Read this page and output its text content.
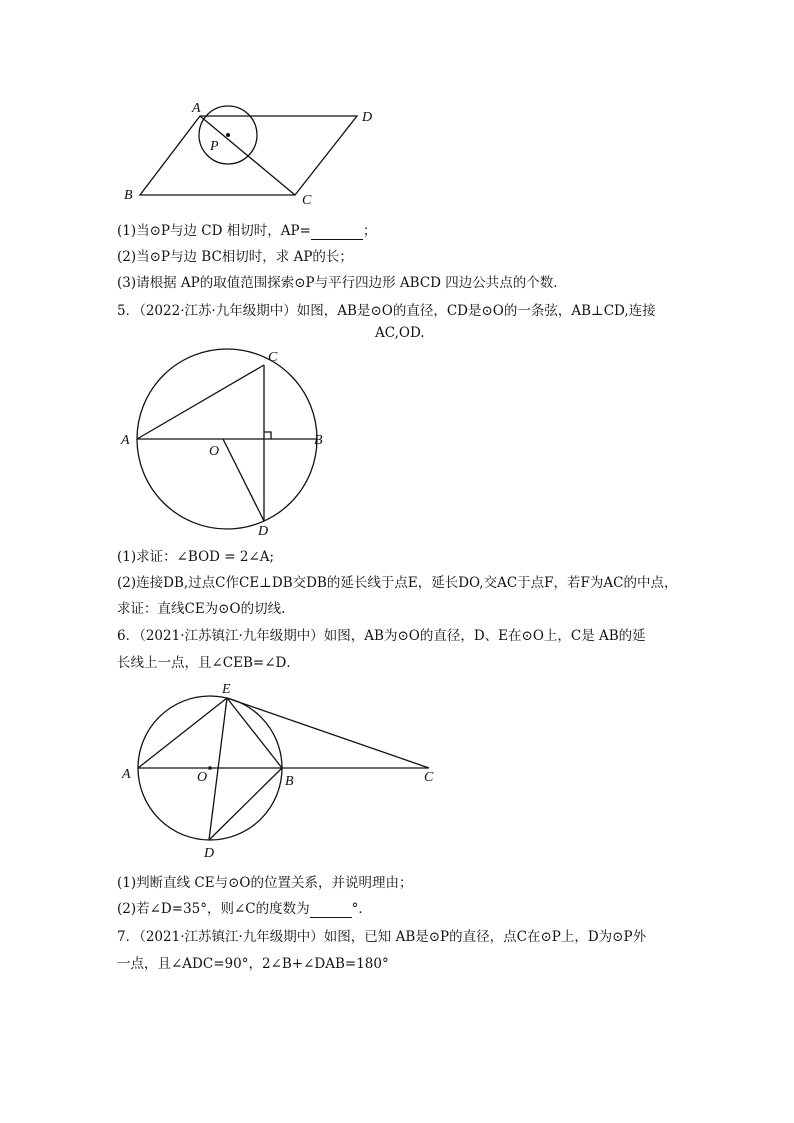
A
D
P
B	C
(1)当⊙P与边 CD 相切时，AP=	；
(2)当⊙P与边 BC相切时，求 AP的长；
(3)请根据 AP的取值范围探索⊙P与平行四边形 ABCD 四边公共点的个数．
5．（2022·江苏·九年级期中）如图，AB是⊙O的直径，CD是⊙O的一条弦，AB⊥CD,连接
AC,OD.
C
A	B
O
D
(1)求证：∠BOD = 2∠A;
(2)连接DB,过点C作CE⊥DB交DB的延长线于点E，延长DO,交AC于点F，若F为AC的中点，
求证：直线CE为⊙O的切线.
6．（2021·江苏镇江·九年级期中）如图，AB为⊙O的直径，D、E在⊙O上，C是 AB的延
长线上一点，且∠CEB=∠D．
E
A	O	B	C
D
(1)判断直线 CE与⊙O的位置关系，并说明理由；
(2)若∠D=35°，则∠C的度数为	°．
7．（2021·江苏镇江·九年级期中）如图，已知 AB是⊙P的直径，点C在⊙P上，D为⊙P外
一点，且∠ADC=90°，2∠B+∠DAB=180°
